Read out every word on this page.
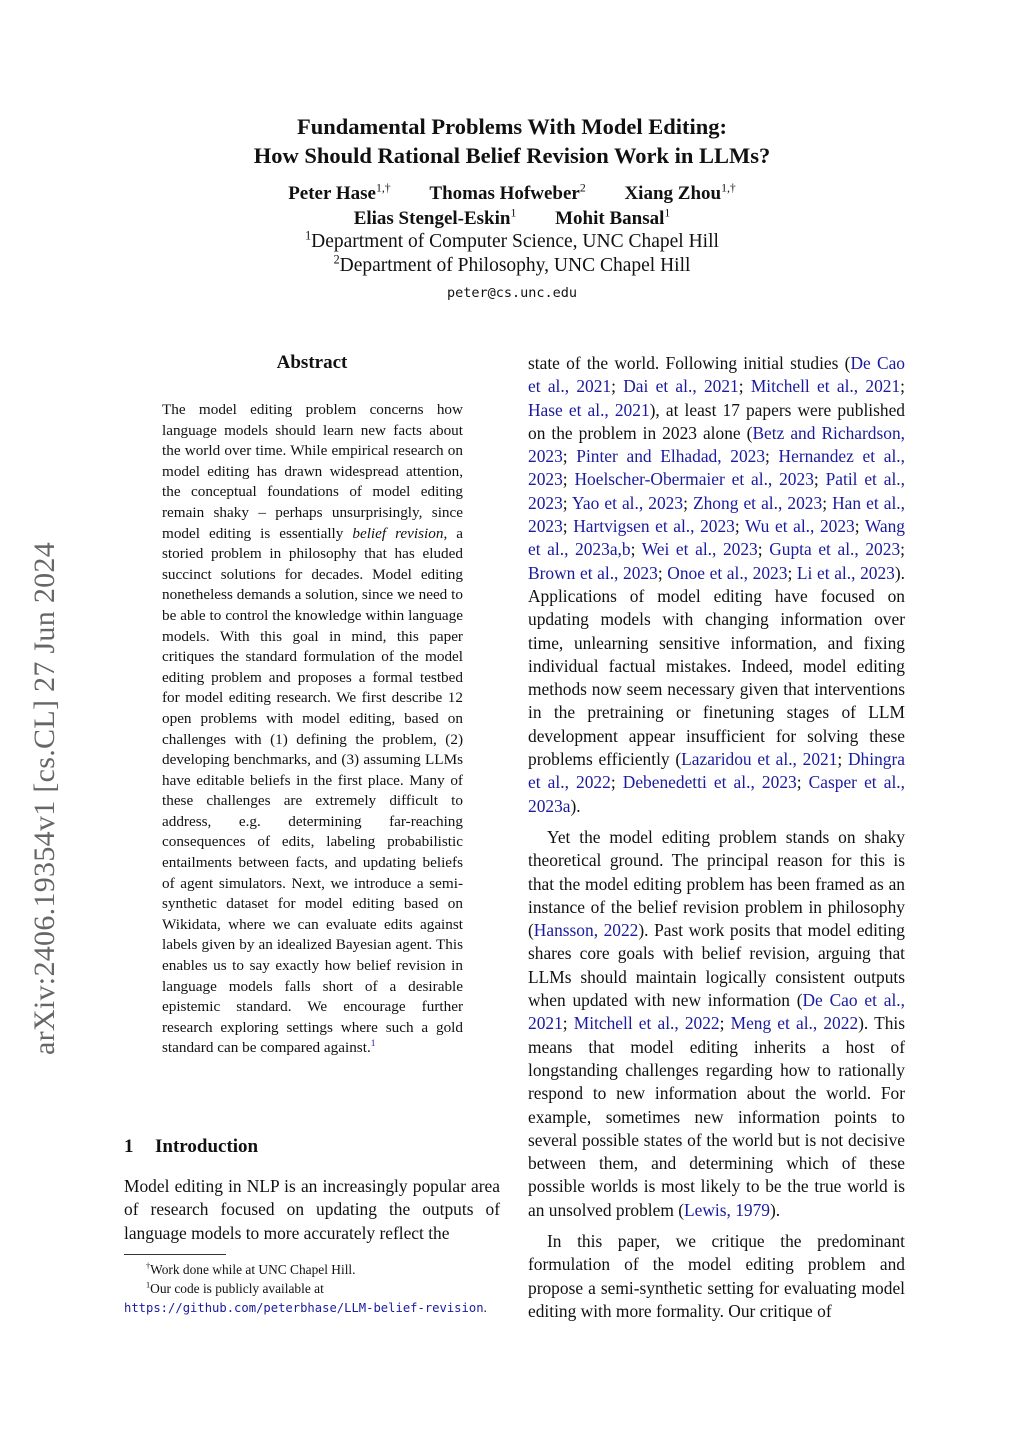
arXiv:2406.19354v1 [cs.CL] 27 Jun 2024
Fundamental Problems With Model Editing:
How Should Rational Belief Revision Work in LLMs?
Peter Hase$^{1,\dagger}$ Thomas Hofweber$^2$ Xiang Zhou$^{1,\dagger}$
Elias Stengel-Eskin$^1$ Mohit Bansal$^1$
$^1$Department of Computer Science, UNC Chapel Hill
$^2$Department of Philosophy, UNC Chapel Hill
peter@cs.unc.edu
Abstract
The model editing problem concerns how language models should learn new facts about the world over time. While empirical research on model editing has drawn widespread attention, the conceptual foundations of model editing remain shaky – perhaps unsurprisingly, since model editing is essentially belief revision, a storied problem in philosophy that has eluded succinct solutions for decades. Model editing nonetheless demands a solution, since we need to be able to control the knowledge within language models. With this goal in mind, this paper critiques the standard formulation of the model editing problem and proposes a formal testbed for model editing research. We first describe 12 open problems with model editing, based on challenges with (1) defining the problem, (2) developing benchmarks, and (3) assuming LLMs have editable beliefs in the first place. Many of these challenges are extremely difficult to address, e.g. determining far-reaching consequences of edits, labeling probabilistic entailments between facts, and updating beliefs of agent simulators. Next, we introduce a semi-synthetic dataset for model editing based on Wikidata, where we can evaluate edits against labels given by an idealized Bayesian agent. This enables us to say exactly how belief revision in language models falls short of a desirable epistemic standard. We encourage further research exploring settings where such a gold standard can be compared against.$^1$
1 Introduction
Model editing in NLP is an increasingly popular area of research focused on updating the outputs of language models to more accurately reflect the
†Work done while at UNC Chapel Hill.
$^1$Our code is publicly available at https://github.com/peterbhase/LLM-belief-revision.

state of the world. Following initial studies (De Cao et al., 2021; Dai et al., 2021; Mitchell et al., 2021; Hase et al., 2021), at least 17 papers were published on the problem in 2023 alone (Betz and Richardson, 2023; Pinter and Elhadad, 2023; Hernandez et al., 2023; Hoelscher-Obermaier et al., 2023; Patil et al., 2023; Yao et al., 2023; Zhong et al., 2023; Han et al., 2023; Hartvigsen et al., 2023; Wu et al., 2023; Wang et al., 2023a,b; Wei et al., 2023; Gupta et al., 2023; Brown et al., 2023; Onoe et al., 2023; Li et al., 2023). Applications of model editing have focused on updating models with changing information over time, unlearning sensitive information, and fixing individual factual mistakes. Indeed, model editing methods now seem necessary given that interventions in the pretraining or finetuning stages of LLM development appear insufficient for solving these problems efficiently (Lazaridou et al., 2021; Dhingra et al., 2022; Debenedetti et al., 2023; Casper et al., 2023a).

Yet the model editing problem stands on shaky theoretical ground. The principal reason for this is that the model editing problem has been framed as an instance of the belief revision problem in philosophy (Hansson, 2022). Past work posits that model editing shares core goals with belief revision, arguing that LLMs should maintain logically consistent outputs when updated with new information (De Cao et al., 2021; Mitchell et al., 2022; Meng et al., 2022). This means that model editing inherits a host of longstanding challenges regarding how to rationally respond to new information about the world. For example, sometimes new information points to several possible states of the world but is not decisive between them, and determining which of these possible worlds is most likely to be the true world is an unsolved problem (Lewis, 1979).

In this paper, we critique the predominant formulation of the model editing problem and propose a semi-synthetic setting for evaluating model editing with more formality. Our critique of
